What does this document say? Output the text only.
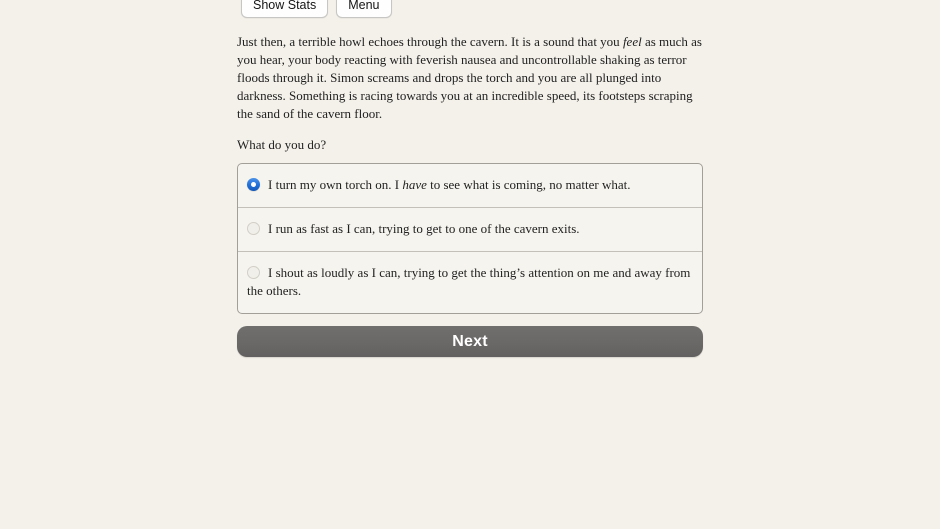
Show Stats	Menu

Just then, a terrible howl echoes through the cavern. It is a sound that you feel as much as you hear, your body reacting with feverish nausea and uncontrollable shaking as terror floods through it. Simon screams and drops the torch and you are all plunged into darkness. Something is racing towards you at an incredible speed, its footsteps scraping the sand of the cavern floor.

What do you do?

I turn my own torch on. I have to see what is coming, no matter what.
I run as fast as I can, trying to get to one of the cavern exits.
I shout as loudly as I can, trying to get the thing’s attention on me and away from the others.
Next
